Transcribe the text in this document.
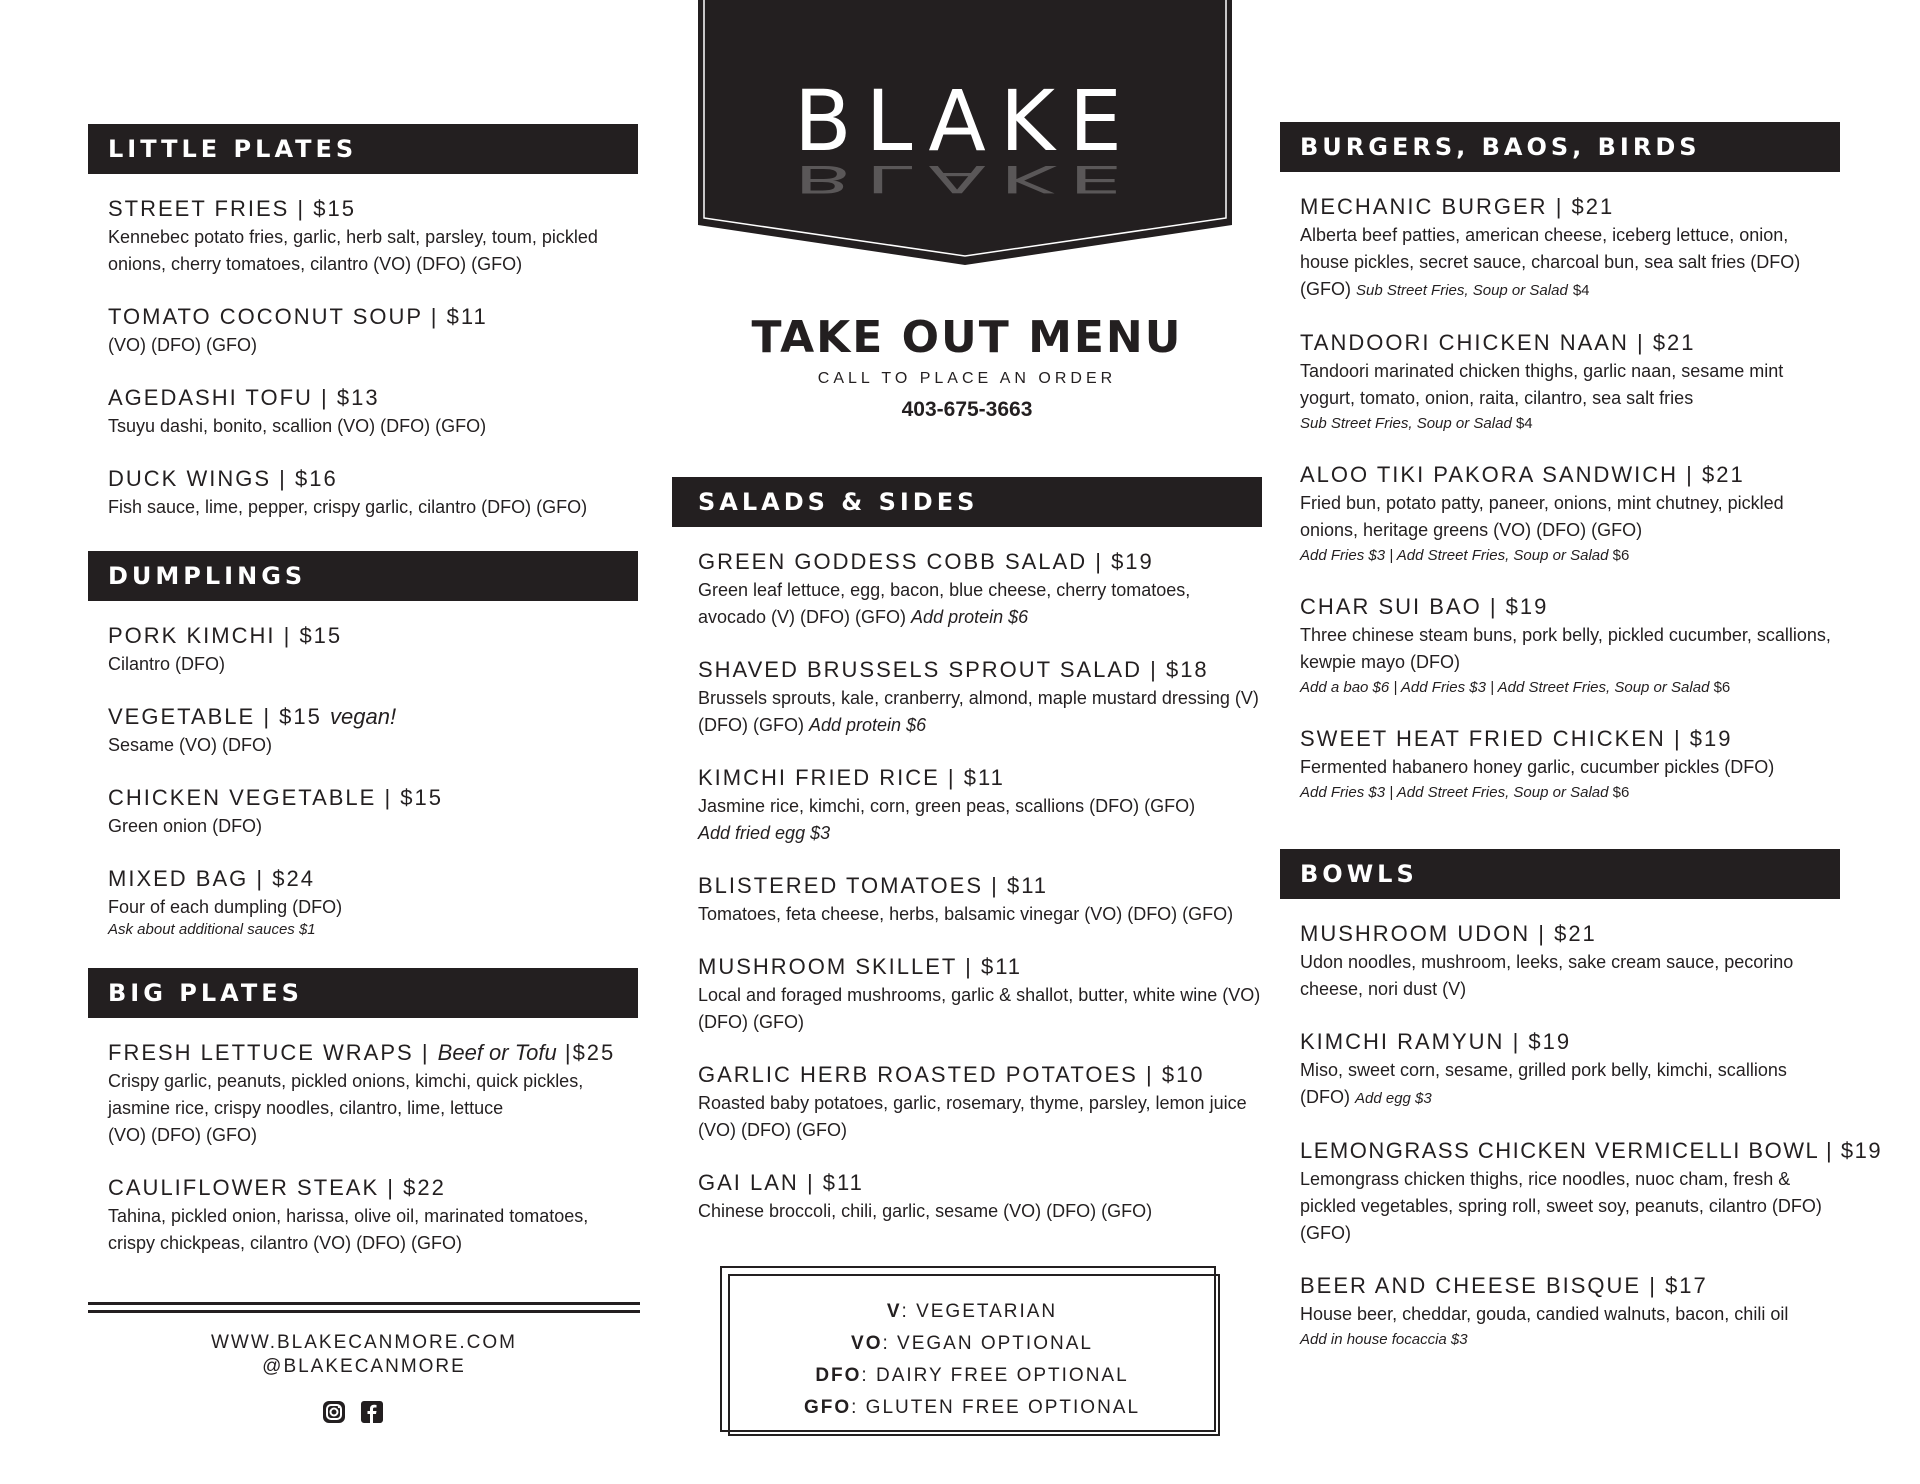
BLAKE
BLAKE
TAKE OUT MENU
CALL TO PLACE AN ORDER
403-675-3663
LITTLE PLATES
STREET FRIES | $15
Kennebec potato fries, garlic, herb salt, parsley, toum, pickled onions, cherry tomatoes, cilantro (VO) (DFO) (GFO)
TOMATO COCONUT SOUP | $11
(VO) (DFO) (GFO)
AGEDASHI TOFU | $13
Tsuyu dashi, bonito, scallion (VO) (DFO) (GFO)
DUCK WINGS | $16
Fish sauce, lime, pepper, crispy garlic, cilantro (DFO) (GFO)
DUMPLINGS
PORK KIMCHI | $15
Cilantro (DFO)
VEGETABLE | $15 vegan!
Sesame (VO) (DFO)
CHICKEN VEGETABLE | $15
Green onion (DFO)
MIXED BAG | $24
Four of each dumpling (DFO)
Ask about additional sauces $1
BIG PLATES
FRESH LETTUCE WRAPS | Beef or Tofu |$25
Crispy garlic, peanuts, pickled onions, kimchi, quick pickles, jasmine rice, crispy noodles, cilantro, lime, lettuce
(VO) (DFO) (GFO)
CAULIFLOWER STEAK | $22
Tahina, pickled onion, harissa, olive oil, marinated tomatoes, crispy chickpeas, cilantro (VO) (DFO) (GFO)
WWW.BLAKECANMORE.COM
@BLAKECANMORE
SALADS & SIDES
GREEN GODDESS COBB SALAD | $19
Green leaf lettuce, egg, bacon, blue cheese, cherry tomatoes, avocado (V) (DFO) (GFO) Add protein $6
SHAVED BRUSSELS SPROUT SALAD | $18
Brussels sprouts, kale, cranberry, almond, maple mustard dressing (V) (DFO) (GFO) Add protein $6
KIMCHI FRIED RICE | $11
Jasmine rice, kimchi, corn, green peas, scallions (DFO) (GFO)
Add fried egg $3
BLISTERED TOMATOES | $11
Tomatoes, feta cheese, herbs, balsamic vinegar (VO) (DFO) (GFO)
MUSHROOM SKILLET | $11
Local and foraged mushrooms, garlic & shallot, butter, white wine (VO) (DFO) (GFO)
GARLIC HERB ROASTED POTATOES | $10
Roasted baby potatoes, garlic, rosemary, thyme, parsley, lemon juice (VO) (DFO) (GFO)
GAI LAN | $11
Chinese broccoli, chili, garlic, sesame (VO) (DFO) (GFO)
V: VEGETARIAN
VO: VEGAN OPTIONAL
DFO: DAIRY FREE OPTIONAL
GFO: GLUTEN FREE OPTIONAL
BURGERS, BAOS, BIRDS
MECHANIC BURGER | $21
Alberta beef patties, american cheese, iceberg lettuce, onion, house pickles, secret sauce, charcoal bun, sea salt fries (DFO) (GFO) Sub Street Fries, Soup or Salad $4
TANDOORI CHICKEN NAAN | $21
Tandoori marinated chicken thighs, garlic naan, sesame mint yogurt, tomato, onion, raita, cilantro, sea salt fries
Sub Street Fries, Soup or Salad $4
ALOO TIKI PAKORA SANDWICH | $21
Fried bun, potato patty, paneer, onions, mint chutney, pickled onions, heritage greens (VO) (DFO) (GFO)
Add Fries $3 | Add Street Fries, Soup or Salad $6
CHAR SUI BAO | $19
Three chinese steam buns, pork belly, pickled cucumber, scallions, kewpie mayo (DFO)
Add a bao $6 | Add Fries $3 | Add Street Fries, Soup or Salad $6
SWEET HEAT FRIED CHICKEN | $19
Fermented habanero honey garlic, cucumber pickles (DFO)
Add Fries $3 | Add Street Fries, Soup or Salad $6
BOWLS
MUSHROOM UDON | $21
Udon noodles, mushroom, leeks, sake cream sauce, pecorino cheese, nori dust (V)
KIMCHI RAMYUN | $19
Miso, sweet corn, sesame, grilled pork belly, kimchi, scallions (DFO) Add egg $3
LEMONGRASS CHICKEN VERMICELLI BOWL | $19
Lemongrass chicken thighs, rice noodles, nuoc cham, fresh & pickled vegetables, spring roll, sweet soy, peanuts, cilantro (DFO) (GFO)
BEER AND CHEESE BISQUE | $17
House beer, cheddar, gouda, candied walnuts, bacon, chili oil
Add in house focaccia $3
